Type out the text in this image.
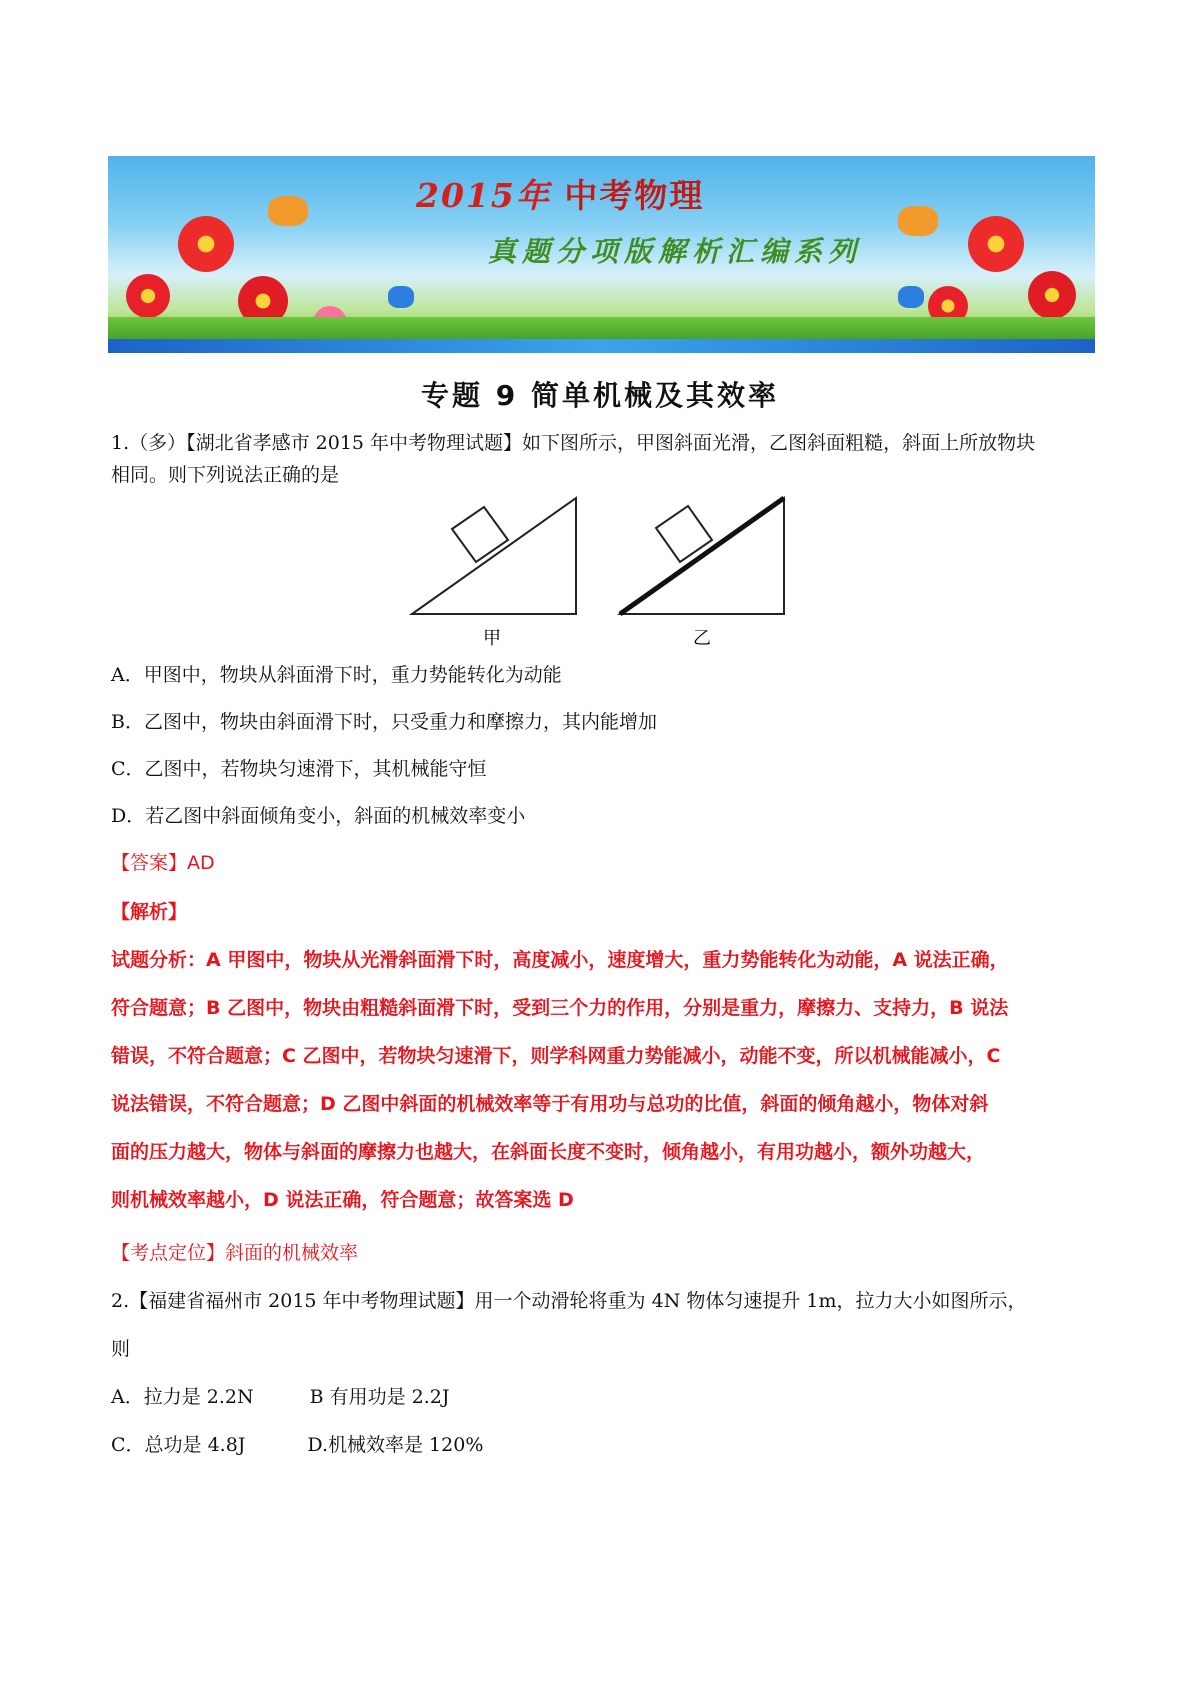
2015年 中考物理
真题分项版解析汇编系列
专题 9 简单机械及其效率
1.（多）【湖北省孝感市 2015 年中考物理试题】如下图所示，甲图斜面光滑，乙图斜面粗糙，斜面上所放物块
相同。则下列说法正确的是
甲	乙
A．甲图中，物块从斜面滑下时，重力势能转化为动能
B．乙图中，物块由斜面滑下时，只受重力和摩擦力，其内能增加
C．乙图中，若物块匀速滑下，其机械能守恒
D．若乙图中斜面倾角变小，斜面的机械效率变小
【答案】AD
【解析】
试题分析：A 甲图中，物块从光滑斜面滑下时，高度减小，速度增大，重力势能转化为动能，A 说法正确，
符合题意；B 乙图中，物块由粗糙斜面滑下时，受到三个力的作用，分别是重力，摩擦力、支持力，B 说法
错误，不符合题意；C 乙图中，若物块匀速滑下，则学科网重力势能减小，动能不变，所以机械能减小，C
说法错误，不符合题意；D 乙图中斜面的机械效率等于有用功与总功的比值，斜面的倾角越小，物体对斜
面的压力越大，物体与斜面的摩擦力也越大，在斜面长度不变时，倾角越小，有用功越小，额外功越大，
则机械效率越小，D 说法正确，符合题意；故答案选 D
【考点定位】斜面的机械效率
2.【福建省福州市 2015 年中考物理试题】用一个动滑轮将重为 4N 物体匀速提升 1m，拉力大小如图所示，
则
A．拉力是 2.2N	B 有用功是 2.2J
C．总功是 4.8J	D.机械效率是 120%
